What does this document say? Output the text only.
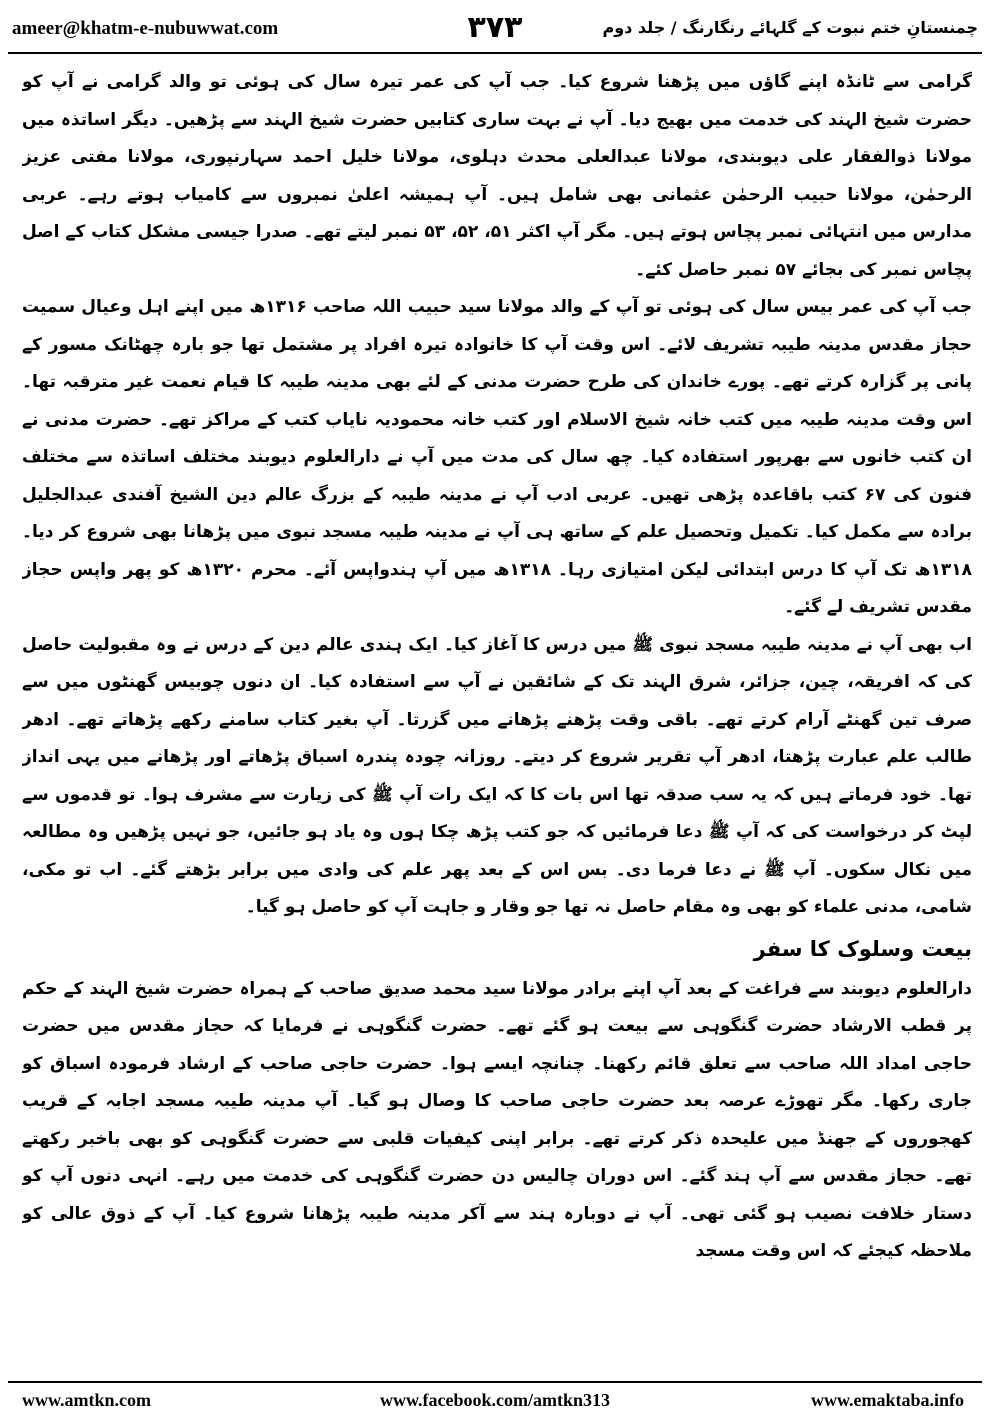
ameer@khatm-e-nubuwwat.com	۳۷۳	چمنستانِ ختم نبوت کے گلہائے رنگارنگ / جلد دوم

گرامی سے ٹانڈہ اپنے گاؤں میں پڑھنا شروع کیا۔ جب آپ کی عمر تیرہ سال کی ہوئی تو والد گرامی نے آپ کو حضرت شیخ الہند کی خدمت میں بھیج دیا۔ آپ نے بہت ساری کتابیں حضرت شیخ الہند سے پڑھیں۔ دیگر اساتذہ میں مولانا ذوالفقار علی دیوبندی، مولانا عبدالعلی محدث دہلوی، مولانا خلیل احمد سہارنپوری، مولانا مفتی عزیز الرحمٰن، مولانا حبیب الرحمٰن عثمانی بھی شامل ہیں۔ آپ ہمیشہ اعلیٰ نمبروں سے کامیاب ہوتے رہے۔ عربی مدارس میں انتہائی نمبر پچاس ہوتے ہیں۔ مگر آپ اکثر ۵۱، ۵۲، ۵۳ نمبر لیتے تھے۔ صدرا جیسی مشکل کتاب کے اصل پچاس نمبر کی بجائے ۵۷ نمبر حاصل کئے۔

جب آپ کی عمر بیس سال کی ہوئی تو آپ کے والد مولانا سید حبیب اللہ صاحب ۱۳۱۶ھ میں اپنے اہل وعیال سمیت حجاز مقدس مدینہ طیبہ تشریف لائے۔ اس وقت آپ کا خانوادہ تیرہ افراد پر مشتمل تھا جو بارہ چھٹانک مسور کے پانی پر گزارہ کرتے تھے۔ پورے خاندان کی طرح حضرت مدنی کے لئے بھی مدینہ طیبہ کا قیام نعمت غیر مترقبہ تھا۔ اس وقت مدینہ طیبہ میں کتب خانہ شیخ الاسلام اور کتب خانہ محمودیہ نایاب کتب کے مراکز تھے۔ حضرت مدنی نے ان کتب خانوں سے بھرپور استفادہ کیا۔ چھ سال کی مدت میں آپ نے دارالعلوم دیوبند مختلف اساتذہ سے مختلف فنون کی ۶۷ کتب باقاعدہ پڑھی تھیں۔ عربی ادب آپ نے مدینہ طیبہ کے بزرگ عالم دین الشیخ آفندی عبدالجلیل برادہ سے مکمل کیا۔ تکمیل وتحصیل علم کے ساتھ ہی آپ نے مدینہ طیبہ مسجد نبوی میں پڑھانا بھی شروع کر دیا۔ ۱۳۱۸ھ تک آپ کا درس ابتدائی لیکن امتیازی رہا۔ ۱۳۱۸ھ میں آپ ہندواپس آئے۔ محرم ۱۳۲۰ھ کو پھر واپس حجاز مقدس تشریف لے گئے۔

اب بھی آپ نے مدینہ طیبہ مسجد نبوی ﷺ میں درس کا آغاز کیا۔ ایک ہندی عالم دین کے درس نے وہ مقبولیت حاصل کی کہ افریقہ، چین، جزائر، شرق الہند تک کے شائقین نے آپ سے استفادہ کیا۔ ان دنوں چوبیس گھنٹوں میں سے صرف تین گھنٹے آرام کرتے تھے۔ باقی وقت پڑھنے پڑھانے میں گزرتا۔ آپ بغیر کتاب سامنے رکھے پڑھاتے تھے۔ ادھر طالب علم عبارت پڑھتا، ادھر آپ تقریر شروع کر دیتے۔ روزانہ چودہ پندرہ اسباق پڑھاتے اور پڑھانے میں یہی انداز تھا۔ خود فرماتے ہیں کہ یہ سب صدقہ تھا اس بات کا کہ ایک رات آپ ﷺ کی زیارت سے مشرف ہوا۔ تو قدموں سے لپٹ کر درخواست کی کہ آپ ﷺ دعا فرمائیں کہ جو کتب پڑھ چکا ہوں وہ یاد ہو جائیں، جو نہیں پڑھیں وہ مطالعہ میں نکال سکوں۔ آپ ﷺ نے دعا فرما دی۔ بس اس کے بعد پھر علم کی وادی میں برابر بڑھتے گئے۔ اب تو مکی، شامی، مدنی علماء کو بھی وہ مقام حاصل نہ تھا جو وقار و جاہت آپ کو حاصل ہو گیا۔

بیعت وسلوک کا سفر

دارالعلوم دیوبند سے فراغت کے بعد آپ اپنے برادر مولانا سید محمد صدیق صاحب کے ہمراہ حضرت شیخ الہند کے حکم پر قطب الارشاد حضرت گنگوہی سے بیعت ہو گئے تھے۔ حضرت گنگوہی نے فرمایا کہ حجاز مقدس میں حضرت حاجی امداد اللہ صاحب سے تعلق قائم رکھنا۔ چنانچہ ایسے ہوا۔ حضرت حاجی صاحب کے ارشاد فرمودہ اسباق کو جاری رکھا۔ مگر تھوڑے عرصہ بعد حضرت حاجی صاحب کا وصال ہو گیا۔ آپ مدینہ طیبہ مسجد اجابہ کے قریب کھجوروں کے جھنڈ میں علیحدہ ذکر کرتے تھے۔ برابر اپنی کیفیات قلبی سے حضرت گنگوہی کو بھی باخبر رکھتے تھے۔ حجاز مقدس سے آپ ہند گئے۔ اس دوران چالیس دن حضرت گنگوہی کی خدمت میں رہے۔ انہی دنوں آپ کو دستار خلافت نصیب ہو گئی تھی۔ آپ نے دوبارہ ہند سے آکر مدینہ طیبہ پڑھانا شروع کیا۔ آپ کے ذوق عالی کو ملاحظہ کیجئے کہ اس وقت مسجد

www.amtkn.com	www.facebook.com/amtkn313	www.emaktaba.info
